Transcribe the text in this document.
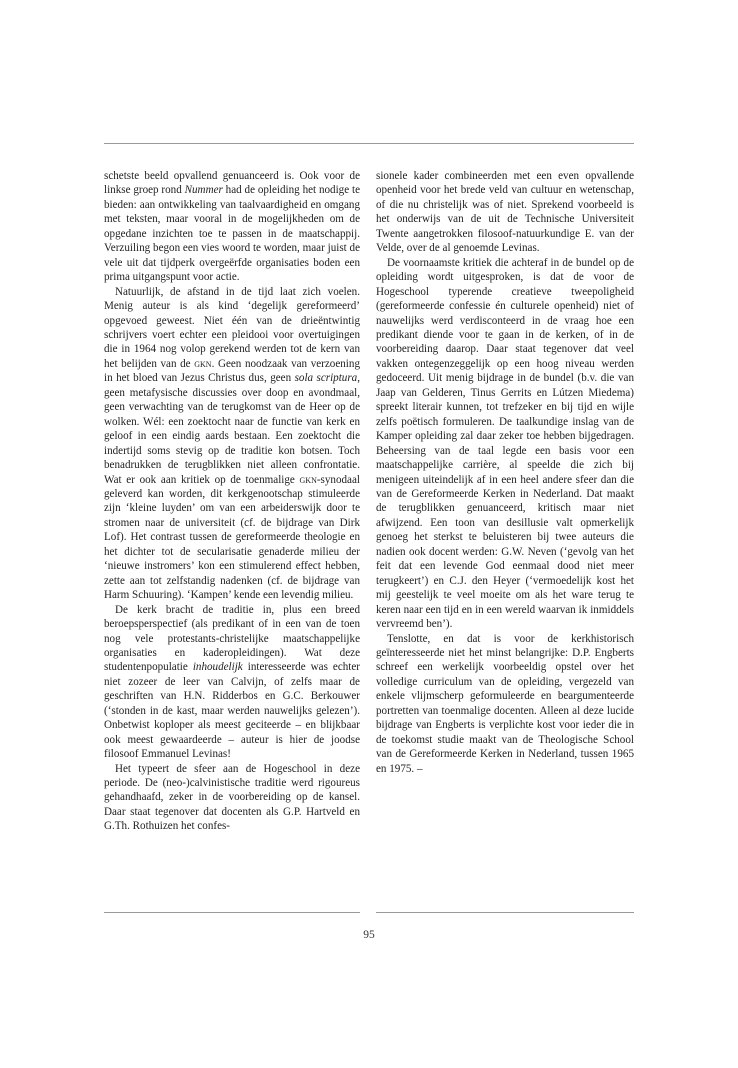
schetste beeld opvallend genuanceerd is. Ook voor de linkse groep rond Nummer had de opleiding het nodige te bieden: aan ontwikkeling van taalvaardigheid en omgang met teksten, maar vooral in de mogelijkheden om de opgedane inzichten toe te passen in de maatschappij. Verzuiling begon een vies woord te worden, maar juist de vele uit dat tijdperk overgeërfde organisaties boden een prima uitgangspunt voor actie.

Natuurlijk, de afstand in de tijd laat zich voelen. Menig auteur is als kind ‘degelijk gereformeerd’ opgevoed geweest. Niet één van de drieëntwintig schrijvers voert echter een pleidooi voor overtuigingen die in 1964 nog volop gerekend werden tot de kern van het belijden van de gkn. Geen noodzaak van verzoening in het bloed van Jezus Christus dus, geen sola scriptura, geen metafysische discussies over doop en avondmaal, geen verwachting van de terugkomst van de Heer op de wolken. Wél: een zoektocht naar de functie van kerk en geloof in een eindig aards bestaan. Een zoektocht die indertijd soms stevig op de traditie kon botsen. Toch benadrukken de terugblikken niet alleen confrontatie. Wat er ook aan kritiek op de toenmalige gkn-synodaal geleverd kan worden, dit kerkgenootschap stimuleerde zijn ‘kleine luyden’ om van een arbeiderswijk door te stromen naar de universiteit (cf. de bijdrage van Dirk Lof). Het contrast tussen de gereformeerde theologie en het dichter tot de secularisatie genaderde milieu der ‘nieuwe instromers’ kon een stimulerend effect hebben, zette aan tot zelfstandig nadenken (cf. de bijdrage van Harm Schuuring). ‘Kampen’ kende een levendig milieu.

De kerk bracht de traditie in, plus een breed beroepsperspectief (als predikant of in een van de toen nog vele protestants-christelijke maatschappelijke organisaties en kaderopleidingen). Wat deze studentenpopulatie inhoudelijk interesseerde was echter niet zozeer de leer van Calvijn, of zelfs maar de geschriften van H.N. Ridderbos en G.C. Berkouwer (‘stonden in de kast, maar werden nauwelijks gelezen’). Onbetwist koploper als meest geciteerde – en blijkbaar ook meest gewaardeerde – auteur is hier de joodse filosoof Emmanuel Levinas!

Het typeert de sfeer aan de Hogeschool in deze periode. De (neo-)calvinistische traditie werd rigoureus gehandhaafd, zeker in de voorbereiding op de kansel. Daar staat tegenover dat docenten als G.P. Hartveld en G.Th. Rothuizen het confes-

sionele kader combineerden met een even opvallende openheid voor het brede veld van cultuur en wetenschap, of die nu christelijk was of niet. Sprekend voorbeeld is het onderwijs van de uit de Technische Universiteit Twente aangetrokken filosoof-natuurkundige E. van der Velde, over de al genoemde Levinas.

De voornaamste kritiek die achteraf in de bundel op de opleiding wordt uitgesproken, is dat de voor de Hogeschool typerende creatieve tweepoligheid (gereformeerde confessie én culturele openheid) niet of nauwelijks werd verdisconteerd in de vraag hoe een predikant diende voor te gaan in de kerken, of in de voorbereiding daarop. Daar staat tegenover dat veel vakken ontegenzeggelijk op een hoog niveau werden gedoceerd. Uit menig bijdrage in de bundel (b.v. die van Jaap van Gelderen, Tinus Gerrits en Lútzen Miedema) spreekt literair kunnen, tot trefzeker en bij tijd en wijle zelfs poëtisch formuleren. De taalkundige inslag van de Kamper opleiding zal daar zeker toe hebben bijgedragen. Beheersing van de taal legde een basis voor een maatschappelijke carrière, al speelde die zich bij menigeen uiteindelijk af in een heel andere sfeer dan die van de Gereformeerde Kerken in Nederland. Dat maakt de terugblikken genuanceerd, kritisch maar niet afwijzend. Een toon van desillusie valt opmerkelijk genoeg het sterkst te beluisteren bij twee auteurs die nadien ook docent werden: G.W. Neven (‘gevolg van het feit dat een levende God eenmaal dood niet meer terugkeert’) en C.J. den Heyer (‘vermoedelijk kost het mij geestelijk te veel moeite om als het ware terug te keren naar een tijd en in een wereld waarvan ik inmiddels vervreemd ben’).

Tenslotte, en dat is voor de kerkhistorisch geïnteresseerde niet het minst belangrijke: D.P. Engberts schreef een werkelijk voorbeeldig opstel over het volledige curriculum van de opleiding, vergezeld van enkele vlijmscherp geformuleerde en beargumenteerde portretten van toenmalige docenten. Alleen al deze lucide bijdrage van Engberts is verplichte kost voor ieder die in de toekomst studie maakt van de Theologische School van de Gereformeerde Kerken in Nederland, tussen 1965 en 1975. –

95
